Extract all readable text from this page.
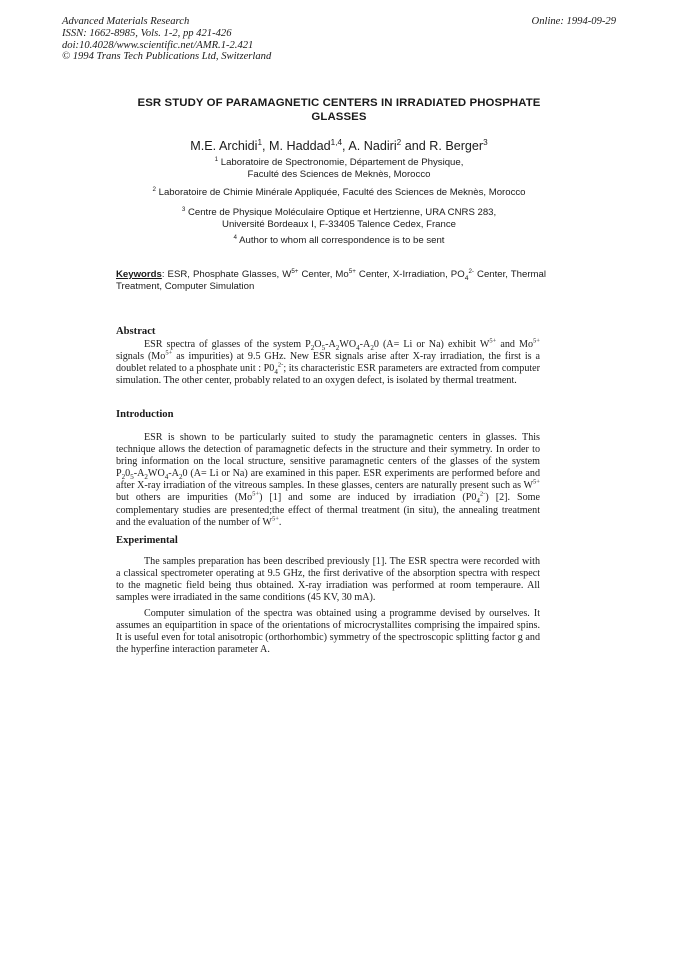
Advanced Materials Research
ISSN: 1662-8985, Vols. 1-2, pp 421-426
doi:10.4028/www.scientific.net/AMR.1-2.421
© 1994 Trans Tech Publications Ltd, Switzerland
Online: 1994-09-29
ESR STUDY OF PARAMAGNETIC CENTERS IN IRRADIATED PHOSPHATE
GLASSES
M.E. Archidi$^1$, M. Haddad$^{1,4}$, A. Nadiri$^2$ and R. Berger$^3$
$^1$ Laboratoire de Spectronomie, Département de Physique,
Faculté des Sciences de Meknès, Morocco
$^2$ Laboratoire de Chimie Minérale Appliquée, Faculté des Sciences de Meknès, Morocco
$^3$ Centre de Physique Moléculaire Optique et Hertzienne, URA CNRS 283,
Université Bordeaux I, F-33405 Talence Cedex, France
$^4$ Author to whom all correspondence is to be sent
Keywords: ESR, Phosphate Glasses, $W^{5+}$ Center, $Mo^{5+}$ Center, X-Irradiation, $PO_4^{2-}$ Center, Thermal Treatment, Computer Simulation
Abstract

ESR spectra of glasses of the system $P_2O_5-A_2WO_4-A_20$ (A= Li or Na) exhibit $W^{5+}$ and $Mo^{5+}$ signals ($Mo^{5+}$ as impurities) at 9.5 GHz. New ESR signals arise after X-ray irradiation, the first is a doublet related to a phosphate unit : $P0_4^{2-}$; its characteristic ESR parameters are extracted from computer simulation. The other center, probably related to an oxygen defect, is isolated by thermal treatment.

Introduction

ESR is shown to be particularly suited to study the paramagnetic centers in glasses. This technique allows the detection of paramagnetic defects in the structure and their symmetry. In order to bring information on the local structure, sensitive paramagnetic centers of the glasses of the system $P_20_5-A_2WO_4-A_20$ (A= Li or Na) are examined in this paper. ESR experiments are performed before and after X-ray irradiation of the vitreous samples. In these glasses, centers are naturally present such as $W^{5+}$ but others are impurities $(Mo^{5+})$ [1] and some are induced by irradiation $(P0_4^{2-})$ [2]. Some complementary studies are presented;the effect of thermal treatment (in situ), the annealing treatment and the evaluation of the number of $W^{5+}$.

Experimental

The samples preparation has been described previously [1]. The ESR spectra were recorded with a classical spectrometer operating at 9.5 GHz, the first derivative of the absorption spectra with respect to the magnetic field being thus obtained. X-ray irradiation was performed at room temperaure. All samples were irradiated in the same conditions (45 KV, 30 mA).

Computer simulation of the spectra was obtained using a programme devised by ourselves. It assumes an equipartition in space of the orientations of microcrystallites comprising the impaired spins. It is useful even for total anisotropic (orthorhombic) symmetry of the spectroscopic splitting factor g and the hyperfine interaction parameter A.
